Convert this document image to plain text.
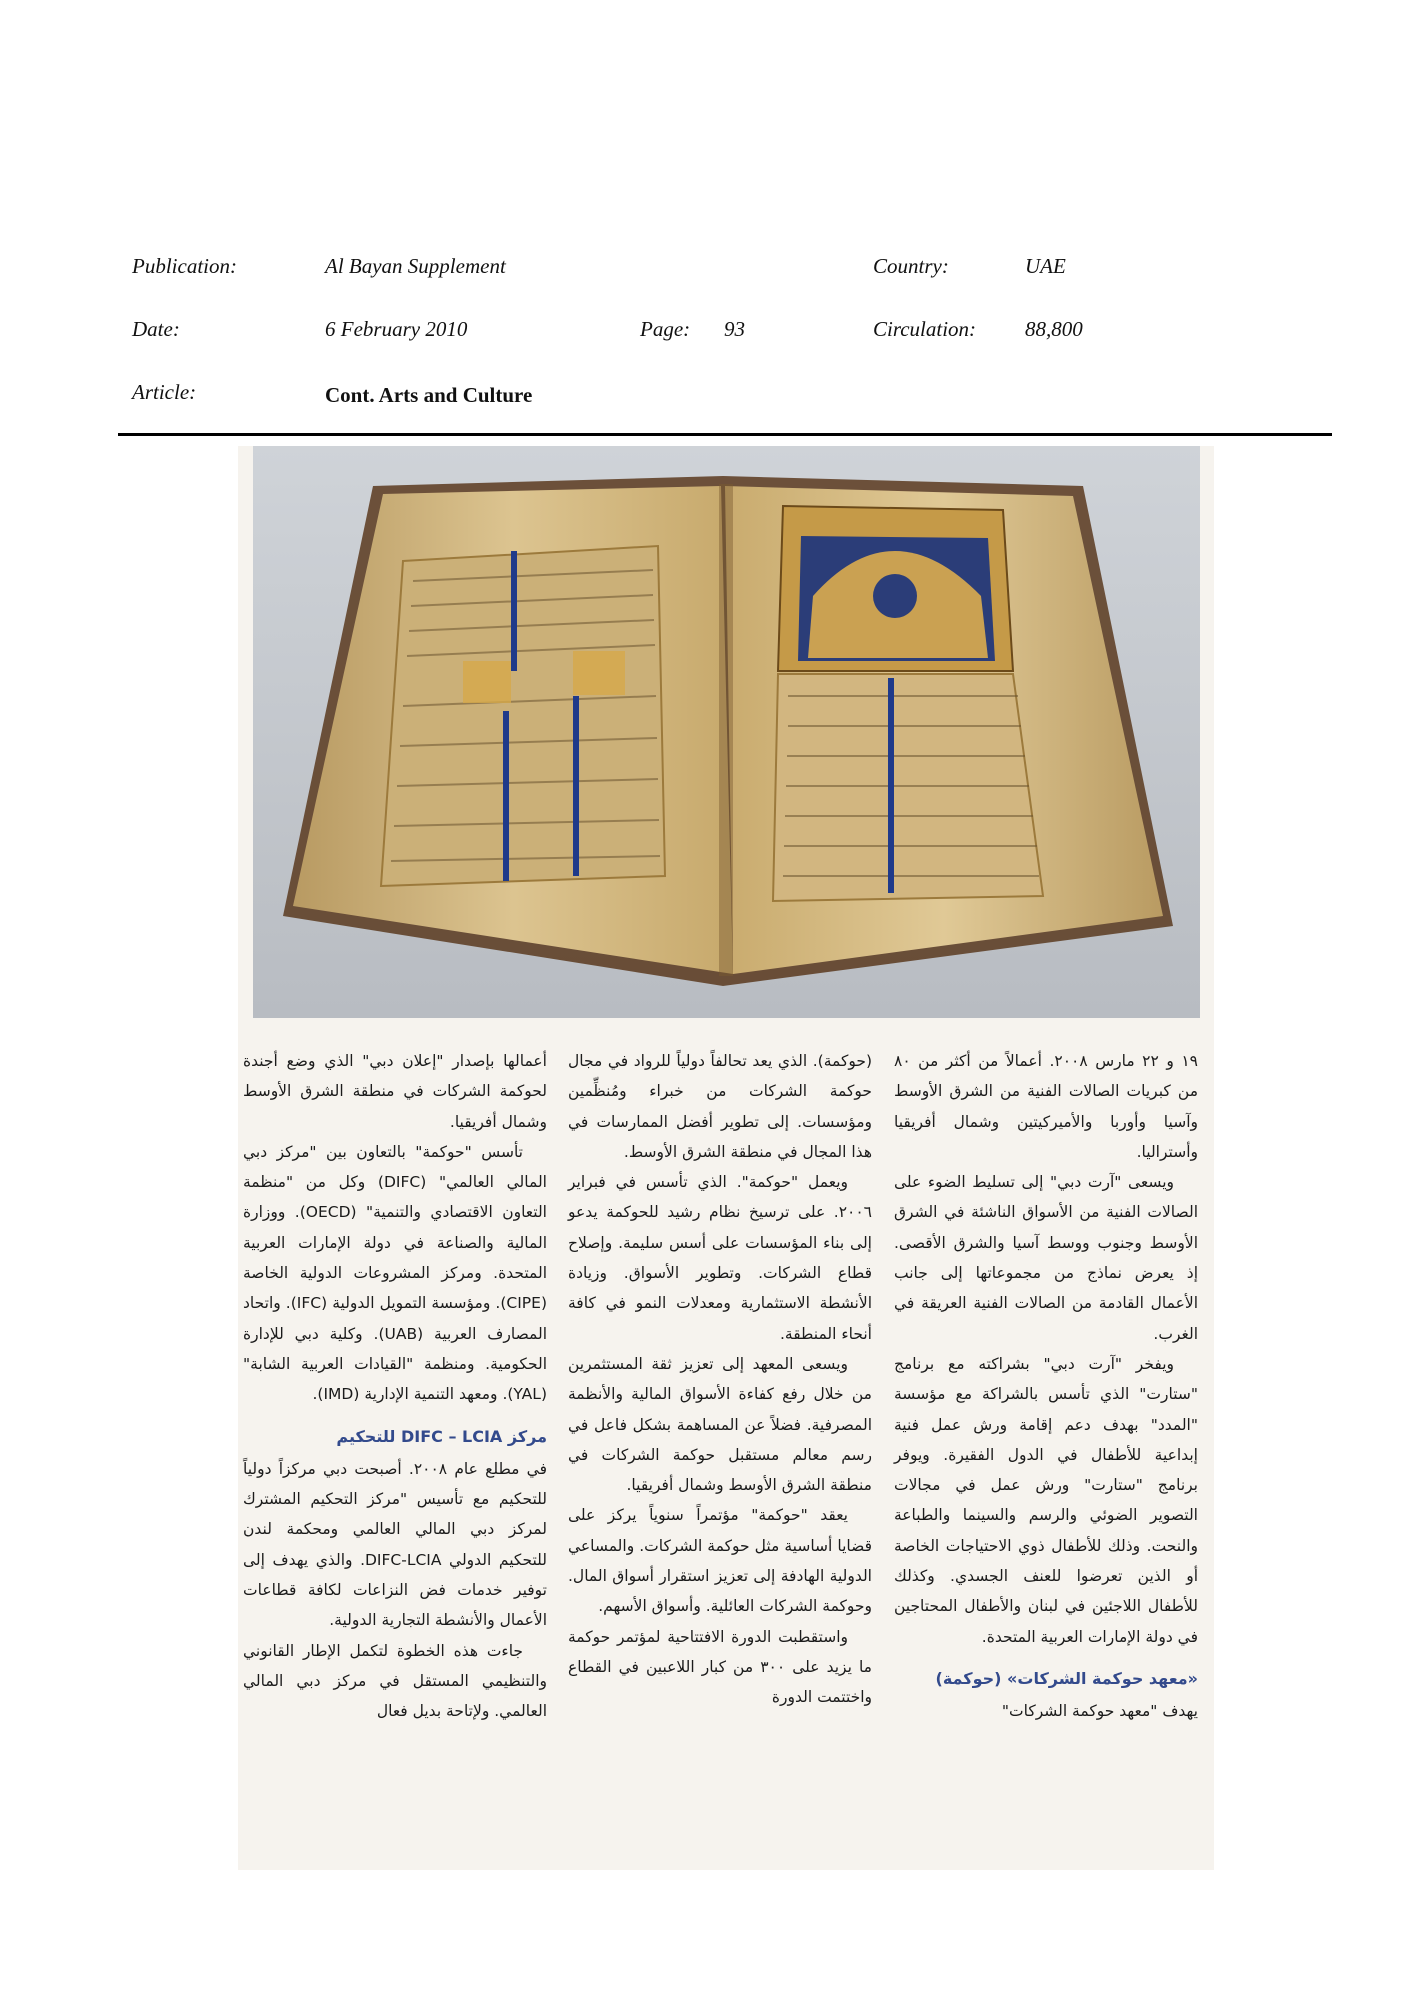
Publication:	Al Bayan Supplement	Country:	UAE
Date:	6 February 2010	Page: 93	Circulation: 88,800
Article:	Cont. Arts and Culture

١٩ و ٢٢ مارس ٢٠٠٨. أعمالاً من أكثر من ٨٠ من كبريات الصالات الفنية من الشرق الأوسط وآسيا وأوربا والأميركيتين وشمال أفريقيا وأستراليا.

ويسعى "آرت دبي" إلى تسليط الضوء على الصالات الفنية من الأسواق الناشئة في الشرق الأوسط وجنوب ووسط آسيا والشرق الأقصى. إذ يعرض نماذج من مجموعاتها إلى جانب الأعمال القادمة من الصالات الفنية العريقة في الغرب.

ويفخر "آرت دبي" بشراكته مع برنامج "ستارت" الذي تأسس بالشراكة مع مؤسسة "المدد" بهدف دعم إقامة ورش عمل فنية إبداعية للأطفال في الدول الفقيرة. ويوفر برنامج "ستارت" ورش عمل في مجالات التصوير الضوئي والرسم والسينما والطباعة والنحت. وذلك للأطفال ذوي الاحتياجات الخاصة أو الذين تعرضوا للعنف الجسدي. وكذلك للأطفال اللاجئين في لبنان والأطفال المحتاجين في دولة الإمارات العربية المتحدة.

«معهد حوكمة الشركات» (حوكمة)

يهدف "معهد حوكمة الشركات"

(حوكمة). الذي يعد تحالفاً دولياً للرواد في مجال حوكمة الشركات من خبراء ومُنظِّمين ومؤسسات. إلى تطوير أفضل الممارسات في هذا المجال في منطقة الشرق الأوسط.

ويعمل "حوكمة". الذي تأسس في فبراير ٢٠٠٦. على ترسيخ نظام رشيد للحوكمة يدعو إلى بناء المؤسسات على أسس سليمة. وإصلاح قطاع الشركات. وتطوير الأسواق. وزيادة الأنشطة الاستثمارية ومعدلات النمو في كافة أنحاء المنطقة.

ويسعى المعهد إلى تعزيز ثقة المستثمرين من خلال رفع كفاءة الأسواق المالية والأنظمة المصرفية. فضلاً عن المساهمة بشكل فاعل في رسم معالم مستقبل حوكمة الشركات في منطقة الشرق الأوسط وشمال أفريقيا.

يعقد "حوكمة" مؤتمراً سنوياً يركز على قضايا أساسية مثل حوكمة الشركات. والمساعي الدولية الهادفة إلى تعزيز استقرار أسواق المال. وحوكمة الشركات العائلية. وأسواق الأسهم.

واستقطبت الدورة الافتتاحية لمؤتمر حوكمة ما يزيد على ٣٠٠ من كبار اللاعبين في القطاع واختتمت الدورة

أعمالها بإصدار "إعلان دبي" الذي وضع أجندة لحوكمة الشركات في منطقة الشرق الأوسط وشمال أفريقيا.

تأسس "حوكمة" بالتعاون بين "مركز دبي المالي العالمي" (DIFC) وكل من "منظمة التعاون الاقتصادي والتنمية" (OECD). ووزارة المالية والصناعة في دولة الإمارات العربية المتحدة. ومركز المشروعات الدولية الخاصة (CIPE). ومؤسسة التمويل الدولية (IFC). واتحاد المصارف العربية (UAB). وكلية دبي للإدارة الحكومية. ومنظمة "القيادات العربية الشابة" (YAL). ومعهد التنمية الإدارية (IMD).

مركز DIFC – LCIA للتحكيم

في مطلع عام ٢٠٠٨. أصبحت دبي مركزاً دولياً للتحكيم مع تأسيس "مركز التحكيم المشترك لمركز دبي المالي العالمي ومحكمة لندن للتحكيم الدولي DIFC-LCIA. والذي يهدف إلى توفير خدمات فض النزاعات لكافة قطاعات الأعمال والأنشطة التجارية الدولية.

جاءت هذه الخطوة لتكمل الإطار القانوني والتنظيمي المستقل في مركز دبي المالي العالمي. ولإتاحة بديل فعال
